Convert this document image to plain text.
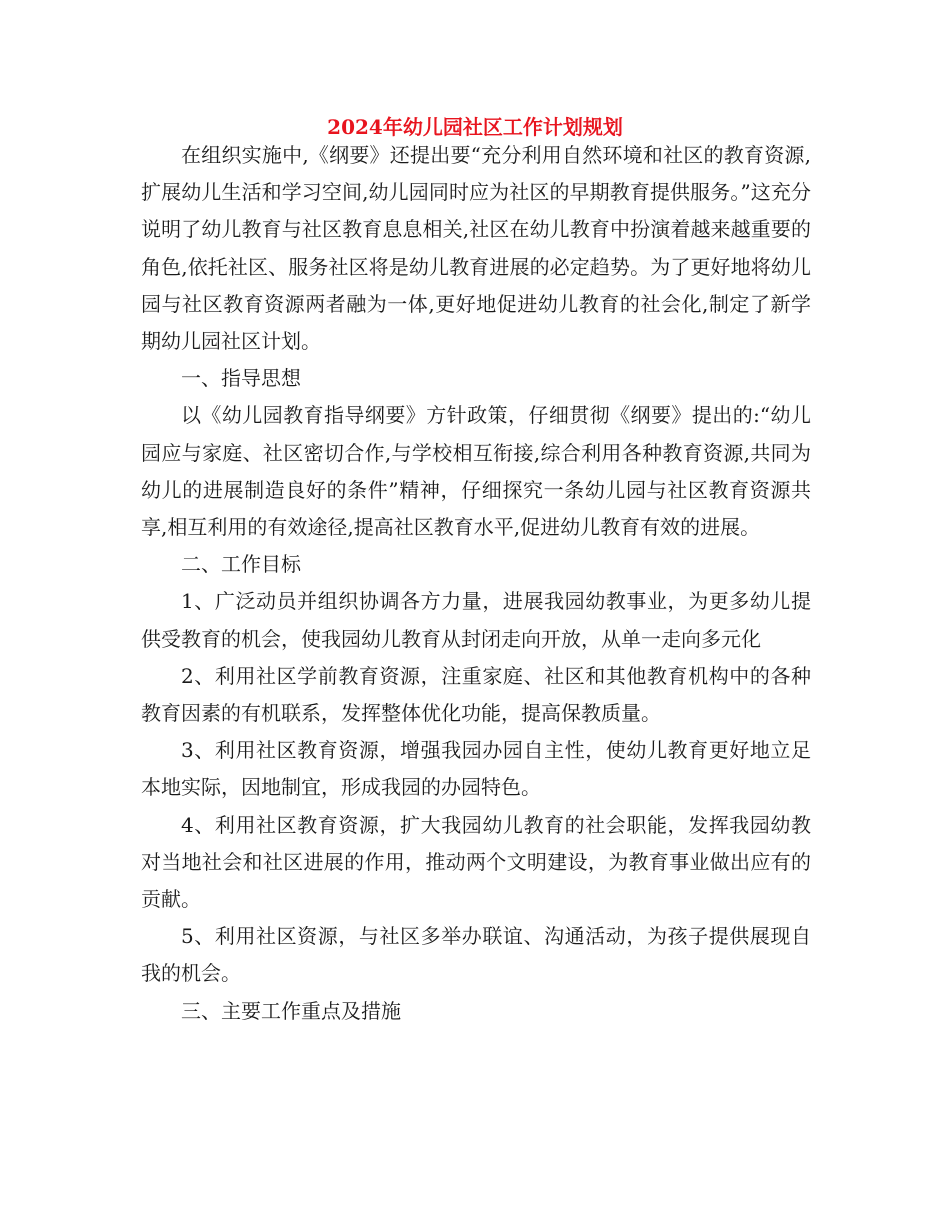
2024年幼儿园社区工作计划规划

在组织实施中,《纲要》还提出要“充分利用自然环境和社区的教育资源,扩展幼儿生活和学习空间,幼儿园同时应为社区的早期教育提供服务。”这充分说明了幼儿教育与社区教育息息相关,社区在幼儿教育中扮演着越来越重要的角色,依托社区、服务社区将是幼儿教育进展的必定趋势。为了更好地将幼儿园与社区教育资源两者融为一体,更好地促进幼儿教育的社会化,制定了新学期幼儿园社区计划。

一、指导思想

以《幼儿园教育指导纲要》方针政策，仔细贯彻《纲要》提出的:“幼儿园应与家庭、社区密切合作,与学校相互衔接,综合利用各种教育资源,共同为幼儿的进展制造良好的条件”精神，仔细探究一条幼儿园与社区教育资源共享,相互利用的有效途径,提高社区教育水平,促进幼儿教育有效的进展。

二、工作目标

1、广泛动员并组织协调各方力量，进展我园幼教事业，为更多幼儿提供受教育的机会，使我园幼儿教育从封闭走向开放，从单一走向多元化

2、利用社区学前教育资源，注重家庭、社区和其他教育机构中的各种教育因素的有机联系，发挥整体优化功能，提高保教质量。

3、利用社区教育资源，增强我园办园自主性，使幼儿教育更好地立足本地实际，因地制宜，形成我园的办园特色。

4、利用社区教育资源，扩大我园幼儿教育的社会职能，发挥我园幼教对当地社会和社区进展的作用，推动两个文明建设，为教育事业做出应有的贡献。

5、利用社区资源，与社区多举办联谊、沟通活动，为孩子提供展现自我的机会。

三、主要工作重点及措施
